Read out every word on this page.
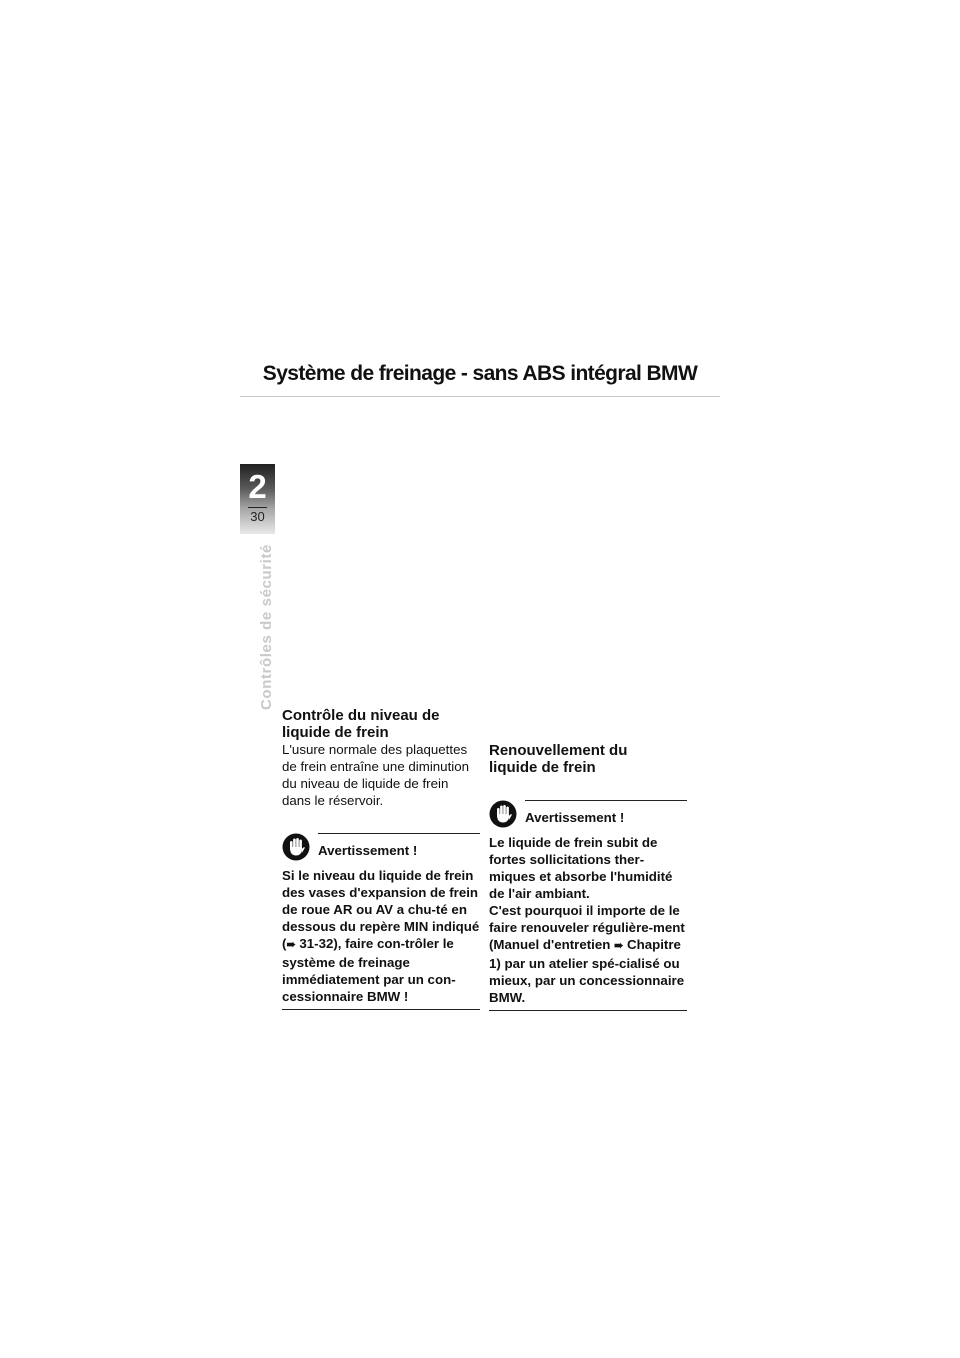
Système de freinage - sans ABS intégral BMW
2
30
Contrôles de sécurité
Contrôle du niveau de
liquide de frein

L'usure normale des plaquettes de frein entraîne une diminution du niveau de liquide de frein dans le réservoir.

Avertissement !
Si le niveau du liquide de frein des vases d'expansion de frein de roue AR ou AV a chu-té en dessous du repère MIN indiqué (➠ 31-32), faire con-trôler le système de freinage immédiatement par un con-cessionnaire BMW !
Renouvellement du
liquide de frein
Avertissement !

Le liquide de frein subit de fortes sollicitations ther-miques et absorbe l'humidité de l'air ambiant.

C'est pourquoi il importe de le faire renouveler régulière-ment (Manuel d'entretien ➠ Chapitre 1) par un atelier spé-cialisé ou mieux, par un concessionnaire BMW.
